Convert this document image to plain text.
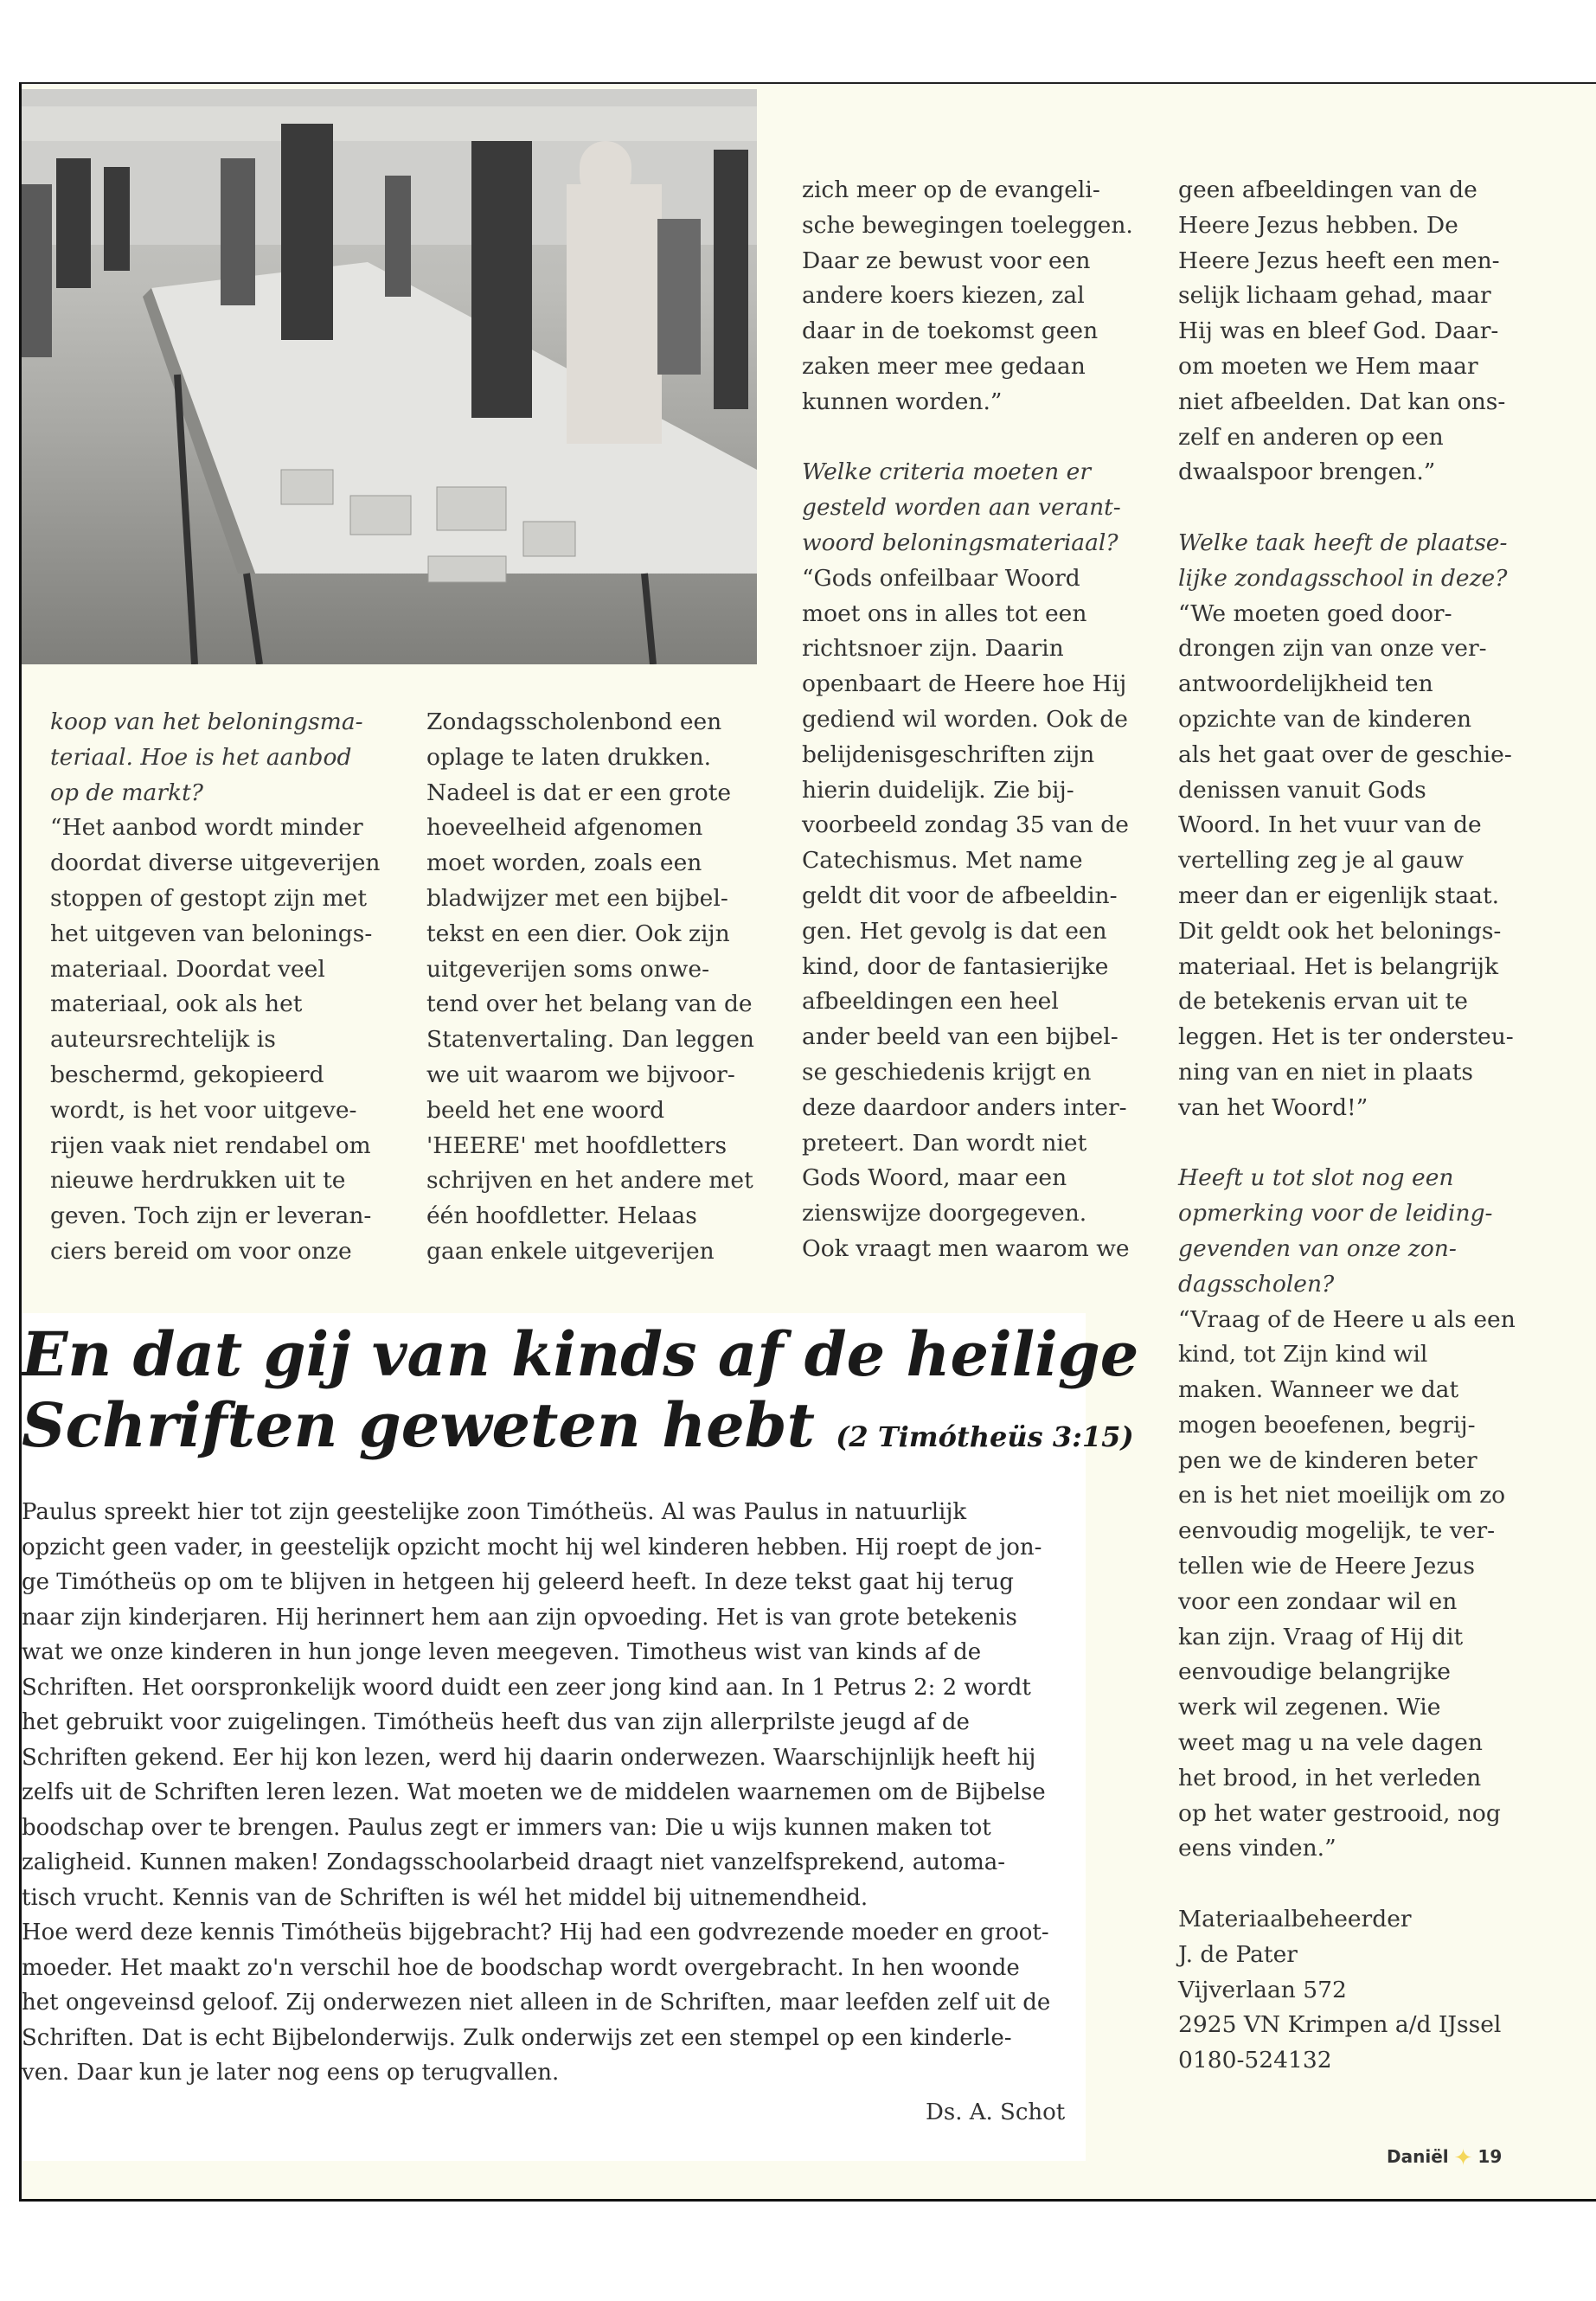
koop van het beloningsma-
teriaal. Hoe is het aanbod
op de markt?
“Het aanbod wordt minder
doordat diverse uitgeverijen
stoppen of gestopt zijn met
het uitgeven van belonings-
materiaal. Doordat veel
materiaal, ook als het
auteursrechtelijk is
beschermd, gekopieerd
wordt, is het voor uitgeve-
rijen vaak niet rendabel om
nieuwe herdrukken uit te
geven. Toch zijn er leveran-
ciers bereid om voor onze
Zondagsscholenbond een
oplage te laten drukken.
Nadeel is dat er een grote
hoeveelheid afgenomen
moet worden, zoals een
bladwijzer met een bijbel-
tekst en een dier. Ook zijn
uitgeverijen soms onwe-
tend over het belang van de
Statenvertaling. Dan leggen
we uit waarom we bijvoor-
beeld het ene woord
'HEERE' met hoofdletters
schrijven en het andere met
één hoofdletter. Helaas
gaan enkele uitgeverijen
zich meer op de evangeli-
sche bewegingen toeleggen.
Daar ze bewust voor een
andere koers kiezen, zal
daar in de toekomst geen
zaken meer mee gedaan
kunnen worden.”
Welke criteria moeten er
gesteld worden aan verant-
woord beloningsmateriaal?
“Gods onfeilbaar Woord
moet ons in alles tot een
richtsnoer zijn. Daarin
openbaart de Heere hoe Hij
gediend wil worden. Ook de
belijdenisgeschriften zijn
hierin duidelijk. Zie bij-
voorbeeld zondag 35 van de
Catechismus. Met name
geldt dit voor de afbeeldin-
gen. Het gevolg is dat een
kind, door de fantasierijke
afbeeldingen een heel
ander beeld van een bijbel-
se geschiedenis krijgt en
deze daardoor anders inter-
preteert. Dan wordt niet
Gods Woord, maar een
zienswijze doorgegeven.
Ook vraagt men waarom we
geen afbeeldingen van de
Heere Jezus hebben. De
Heere Jezus heeft een men-
selijk lichaam gehad, maar
Hij was en bleef God. Daar-
om moeten we Hem maar
niet afbeelden. Dat kan ons-
zelf en anderen op een
dwaalspoor brengen.”
Welke taak heeft de plaatse-
lijke zondagsschool in deze?
“We moeten goed door-
drongen zijn van onze ver-
antwoordelijkheid ten
opzichte van de kinderen
als het gaat over de geschie-
denissen vanuit Gods
Woord. In het vuur van de
vertelling zeg je al gauw
meer dan er eigenlijk staat.
Dit geldt ook het belonings-
materiaal. Het is belangrijk
de betekenis ervan uit te
leggen. Het is ter ondersteu-
ning van en niet in plaats
van het Woord!”
Heeft u tot slot nog een
opmerking voor de leiding-
gevenden van onze zon-
dagsscholen?
“Vraag of de Heere u als een
kind, tot Zijn kind wil
maken. Wanneer we dat
mogen beoefenen, begrij-
pen we de kinderen beter
en is het niet moeilijk om zo
eenvoudig mogelijk, te ver-
tellen wie de Heere Jezus
voor een zondaar wil en
kan zijn. Vraag of Hij dit
eenvoudige belangrijke
werk wil zegenen. Wie
weet mag u na vele dagen
het brood, in het verleden
op het water gestrooid, nog
eens vinden.”
Materiaalbeheerder
J. de Pater
Vijverlaan 572
2925 VN Krimpen a/d IJssel
0180-524132
En dat gij van kinds af de heilige
Schriften geweten hebt (2 Timótheüs 3:15)
Paulus spreekt hier tot zijn geestelijke zoon Timótheüs. Al was Paulus in natuurlijk
opzicht geen vader, in geestelijk opzicht mocht hij wel kinderen hebben. Hij roept de jon-
ge Timótheüs op om te blijven in hetgeen hij geleerd heeft. In deze tekst gaat hij terug
naar zijn kinderjaren. Hij herinnert hem aan zijn opvoeding. Het is van grote betekenis
wat we onze kinderen in hun jonge leven meegeven. Timotheus wist van kinds af de
Schriften. Het oorspronkelijk woord duidt een zeer jong kind aan. In 1 Petrus 2: 2 wordt
het gebruikt voor zuigelingen. Timótheüs heeft dus van zijn allerprilste jeugd af de
Schriften gekend. Eer hij kon lezen, werd hij daarin onderwezen. Waarschijnlijk heeft hij
zelfs uit de Schriften leren lezen. Wat moeten we de middelen waarnemen om de Bijbelse
boodschap over te brengen. Paulus zegt er immers van: Die u wijs kunnen maken tot
zaligheid. Kunnen maken! Zondagsschoolarbeid draagt niet vanzelfsprekend, automa-
tisch vrucht. Kennis van de Schriften is wél het middel bij uitnemendheid.
Hoe werd deze kennis Timótheüs bijgebracht? Hij had een godvrezende moeder en groot-
moeder. Het maakt zo'n verschil hoe de boodschap wordt overgebracht. In hen woonde
het ongeveinsd geloof. Zij onderwezen niet alleen in de Schriften, maar leefden zelf uit de
Schriften. Dat is echt Bijbelonderwijs. Zulk onderwijs zet een stempel op een kinderle-
ven. Daar kun je later nog eens op terugvallen.
Ds. A. Schot
Daniël ✦ 19
